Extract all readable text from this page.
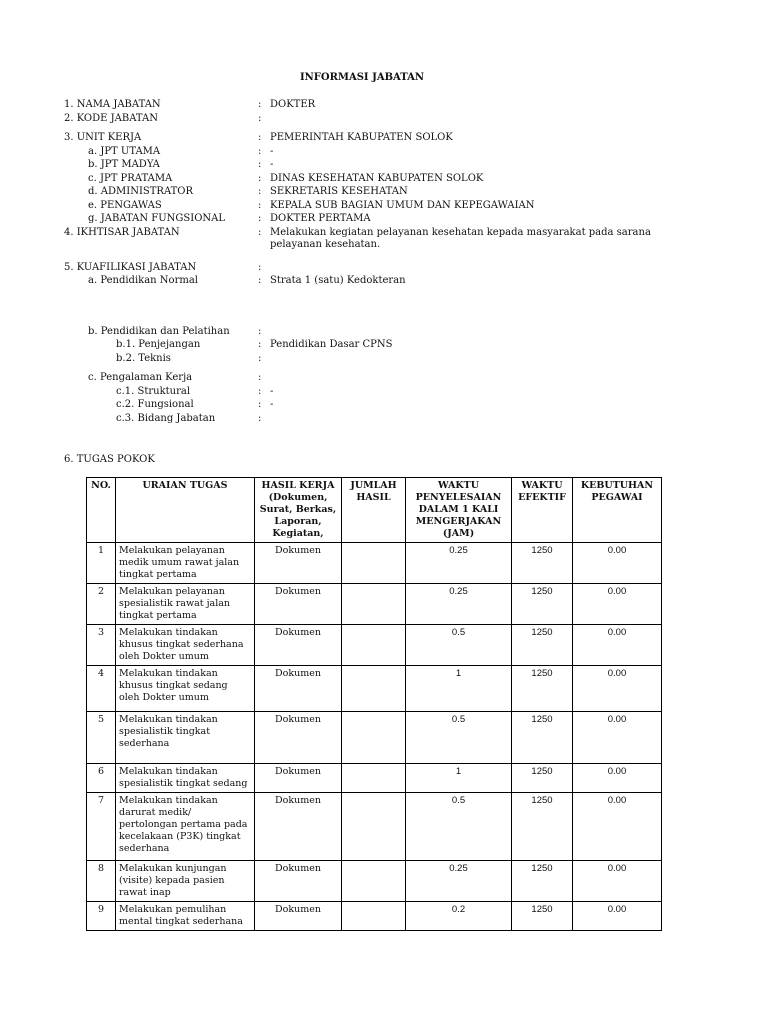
INFORMASI JABATAN
1. NAMA JABATAN	: DOKTER
2. KODE JABATAN	:
3. UNIT KERJA	: PEMERINTAH KABUPATEN SOLOK
a. JPT UTAMA	: -
b. JPT MADYA	: -
c. JPT PRATAMA	: DINAS KESEHATAN KABUPATEN SOLOK
d. ADMINISTRATOR	: SEKRETARIS KESEHATAN
e. PENGAWAS	: KEPALA SUB BAGIAN UMUM DAN KEPEGAWAIAN
g. JABATAN FUNGSIONAL	: DOKTER PERTAMA
4. IKHTISAR JABATAN	: Melakukan kegiatan pelayanan kesehatan kepada masyarakat pada sarana pelayanan kesehatan.
5. KUAFILIKASI JABATAN	:
a. Pendidikan Normal	: Strata 1 (satu) Kedokteran
b. Pendidikan dan Pelatihan	:
b.1. Penjejangan	: Pendidikan Dasar CPNS
b.2. Teknis	:
c. Pengalaman Kerja	:
c.1. Struktural	: -
c.2. Fungsional	: -
c.3. Bidang Jabatan	:
6. TUGAS POKOK
NO.	URAIAN TUGAS	HASIL KERJA (Dokumen, Surat, Berkas, Laporan, Kegiatan,	JUMLAH HASIL	WAKTU PENYELESAIAN DALAM 1 KALI MENGERJAKAN (JAM)	WAKTU EFEKTIF	KEBUTUHAN PEGAWAI

1	Melakukan pelayanan medik umum rawat jalan tingkat pertama	Dokumen		0.25	1250	0.00
2	Melakukan pelayanan spesialistik rawat jalan tingkat pertama	Dokumen		0.25	1250	0.00
3	Melakukan tindakan khusus tingkat sederhana oleh Dokter umum	Dokumen		0.5	1250	0.00
4	Melakukan tindakan khusus tingkat sedang oleh Dokter umum	Dokumen		1	1250	0.00
5	Melakukan tindakan spesialistik tingkat sederhana	Dokumen		0.5	1250	0.00
6	Melakukan tindakan spesialistik tingkat sedang	Dokumen		1	1250	0.00
7	Melakukan tindakan darurat medik/ pertolongan pertama pada kecelakaan (P3K) tingkat sederhana	Dokumen		0.5	1250	0.00
8	Melakukan kunjungan (visite) kepada pasien rawat inap	Dokumen		0.25	1250	0.00
9	Melakukan pemulihan mental tingkat sederhana	Dokumen		0.2	1250	0.00
